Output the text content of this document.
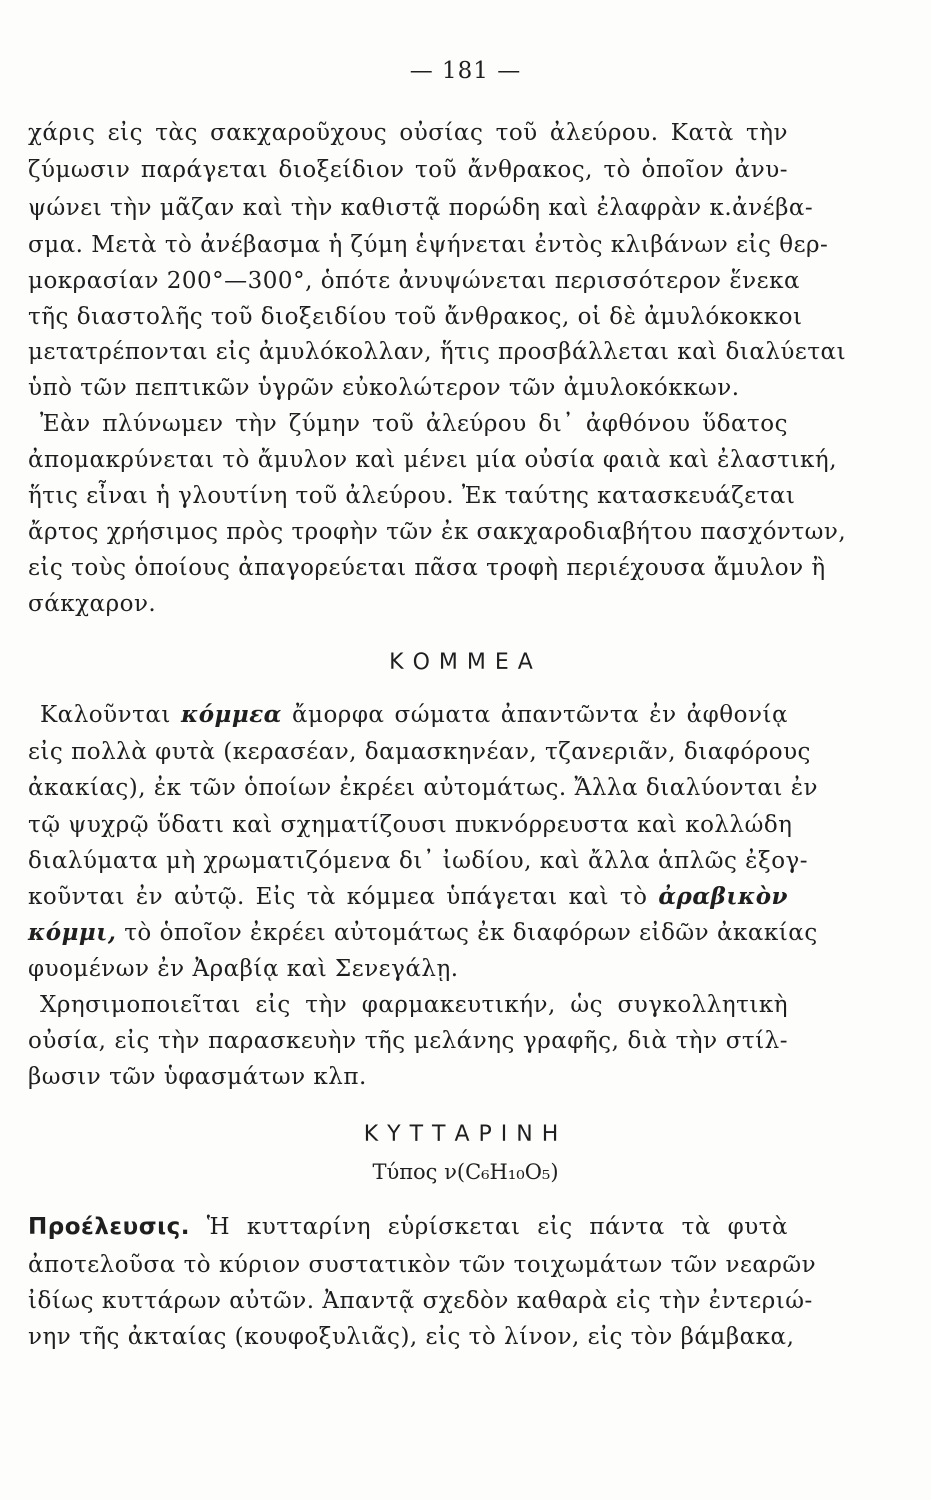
— 181 —
χάρις εἰς τὰς σακχαροῦχους οὐσίας τοῦ ἀλεύρου. Κατὰ τὴν
ζύμωσιν παράγεται διοξείδιον τοῦ ἄνθρακος, τὸ ὁποῖον ἀνυ-
ψώνει τὴν μᾶζαν καὶ τὴν καθιστᾷ πορώδη καὶ ἐλαφρὰν κ.ἀνέβα-
σμα. Μετὰ τὸ ἀνέβασμα ἡ ζύμη ἑψήνεται ἐντὸς κλιβάνων εἰς θερ-
μοκρασίαν 200°—300°, ὁπότε ἀνυψώνεται περισσότερον ἕνεκα
τῆς διαστολῆς τοῦ διοξειδίου τοῦ ἄνθρακος, οἱ δὲ ἀμυλόκοκκοι
μετατρέπονται εἰς ἀμυλόκολλαν, ἥτις προσβάλλεται καὶ διαλύεται
ὑπὸ τῶν πεπτικῶν ὑγρῶν εὐκολώτερον τῶν ἀμυλοκόκκων.
Ἐὰν πλύνωμεν τὴν ζύμην τοῦ ἀλεύρου δι᾽ ἀφθόνου ὕδατος
ἀπομακρύνεται τὸ ἄμυλον καὶ μένει μία οὐσία φαιὰ καὶ ἐλαστική,
ἥτις εἶναι ἡ γλουτίνη τοῦ ἀλεύρου. Ἐκ ταύτης κατασκευάζεται
ἄρτος χρήσιμος πρὸς τροφὴν τῶν ἐκ σακχαροδιαβήτου πασχόντων,
εἰς τοὺς ὁποίους ἀπαγορεύεται πᾶσα τροφὴ περιέχουσα ἄμυλον ἢ
σάκχαρον.
ΚΟΜΜΕΑ
Καλοῦνται κόμμεα ἄμορφα σώματα ἀπαντῶντα ἐν ἀφθονίᾳ
εἰς πολλὰ φυτὰ (κερασέαν, δαμασκηνέαν, τζανεριᾶν, διαφόρους
ἀκακίας), ἐκ τῶν ὁποίων ἐκρέει αὐτομάτως. Ἄλλα διαλύονται ἐν
τῷ ψυχρῷ ὕδατι καὶ σχηματίζουσι πυκνόρρευστα καὶ κολλώδη
διαλύματα μὴ χρωματιζόμενα δι᾽ ἰωδίου, καὶ ἄλλα ἁπλῶς ἐξογ-
κοῦνται ἐν αὐτῷ. Εἰς τὰ κόμμεα ὑπάγεται καὶ τὸ ἀραβικὸν
κόμμι, τὸ ὁποῖον ἐκρέει αὐτομάτως ἐκ διαφόρων εἰδῶν ἀκακίας
φυομένων ἐν Ἀραβίᾳ καὶ Σενεγάλῃ.
Χρησιμοποιεῖται εἰς τὴν φαρμακευτικήν, ὡς συγκολλητικὴ
οὐσία, εἰς τὴν παρασκευὴν τῆς μελάνης γραφῆς, διὰ τὴν στίλ-
βωσιν τῶν ὑφασμάτων κλπ.
ΚΥΤΤΑΡΙΝΗ
Τύπος ν(C₆H₁₀O₅)
Προέλευσις. Ἡ κυτταρίνη εὑρίσκεται εἰς πάντα τὰ φυτὰ
ἀποτελοῦσα τὸ κύριον συστατικὸν τῶν τοιχωμάτων τῶν νεαρῶν
ἰδίως κυττάρων αὐτῶν. Ἀπαντᾷ σχεδὸν καθαρὰ εἰς τὴν ἐντεριώ-
νην τῆς ἀκταίας (κουφοξυλιᾶς), εἰς τὸ λίνον, εἰς τὸν βάμβακα,
